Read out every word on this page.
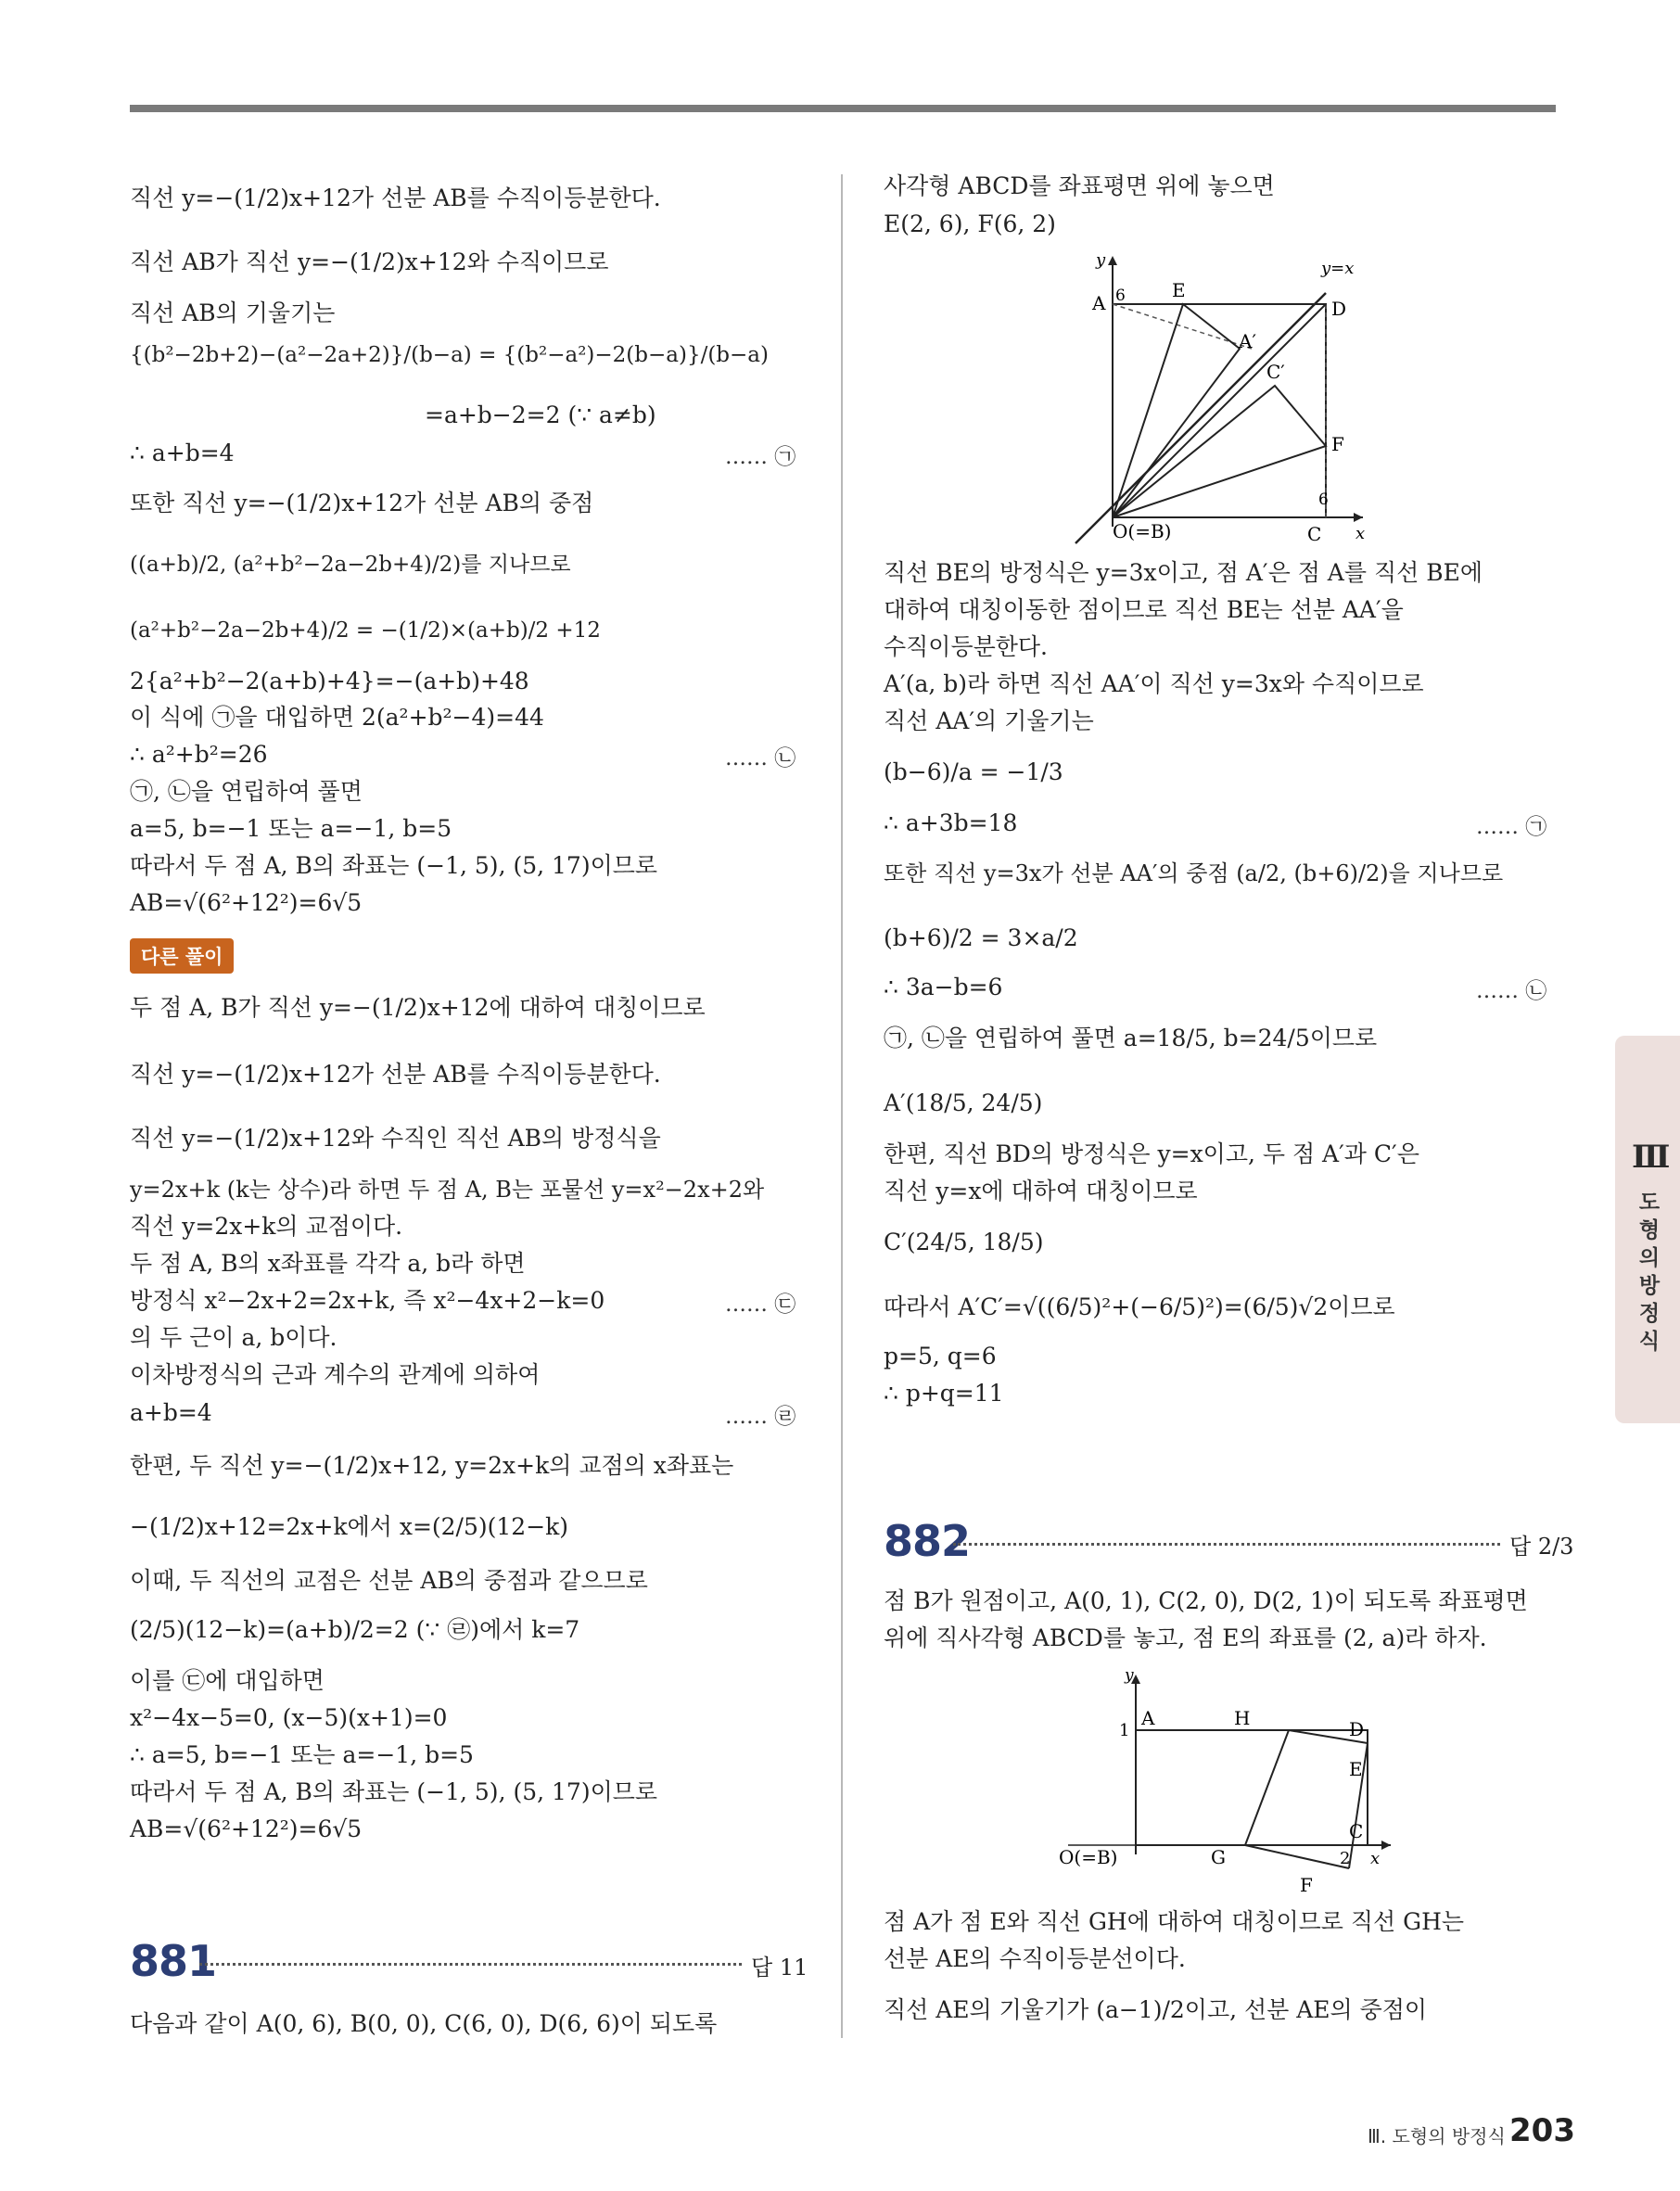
직선 y=−(1/2)x+12가 선분 AB를 수직이등분한다.
직선 AB가 직선 y=−(1/2)x+12와 수직이므로
직선 AB의 기울기는
{(b²−2b+2)−(a²−2a+2)}/(b−a) = {(b²−a²)−2(b−a)}/(b−a)
=a+b−2=2 (∵ a≠b)
∴ a+b=4	…… ㉠
또한 직선 y=−(1/2)x+12가 선분 AB의 중점
((a+b)/2, (a²+b²−2a−2b+4)/2)를 지나므로
(a²+b²−2a−2b+4)/2 = −(1/2)×(a+b)/2 +12
2{a²+b²−2(a+b)+4}=−(a+b)+48
이 식에 ㉠을 대입하면 2(a²+b²−4)=44
∴ a²+b²=26	…… ㉡
㉠, ㉡을 연립하여 풀면
a=5, b=−1 또는 a=−1, b=5
따라서 두 점 A, B의 좌표는 (−1, 5), (5, 17)이므로
AB=√(6²+12²)=6√5
다른 풀이
두 점 A, B가 직선 y=−(1/2)x+12에 대하여 대칭이므로
직선 y=−(1/2)x+12가 선분 AB를 수직이등분한다.
직선 y=−(1/2)x+12와 수직인 직선 AB의 방정식을
y=2x+k (k는 상수)라 하면 두 점 A, B는 포물선 y=x²−2x+2와
직선 y=2x+k의 교점이다.
두 점 A, B의 x좌표를 각각 a, b라 하면
방정식 x²−2x+2=2x+k, 즉 x²−4x+2−k=0	…… ㉢
의 두 근이 a, b이다.
이차방정식의 근과 계수의 관계에 의하여
a+b=4	…… ㉣
한편, 두 직선 y=−(1/2)x+12, y=2x+k의 교점의 x좌표는
−(1/2)x+12=2x+k에서 x=(2/5)(12−k)
이때, 두 직선의 교점은 선분 AB의 중점과 같으므로
(2/5)(12−k)=(a+b)/2=2 (∵ ㉣)에서 k=7
이를 ㉢에 대입하면
x²−4x−5=0, (x−5)(x+1)=0
∴ a=5, b=−1 또는 a=−1, b=5
따라서 두 점 A, B의 좌표는 (−1, 5), (5, 17)이므로
AB=√(6²+12²)=6√5
881	답 11
다음과 같이 A(0, 6), B(0, 0), C(6, 0), D(6, 6)이 되도록
사각형 ABCD를 좌표평면 위에 놓으면
E(2, 6), F(6, 2)
y
x
y=x
A 6	E
D
A′
C′
F
6
O(=B)	C
직선 BE의 방정식은 y=3x이고, 점 A′은 점 A를 직선 BE에
대하여 대칭이동한 점이므로 직선 BE는 선분 AA′을
수직이등분한다.
A′(a, b)라 하면 직선 AA′이 직선 y=3x와 수직이므로
직선 AA′의 기울기는
(b−6)/a = −1/3
∴ a+3b=18	…… ㉠
또한 직선 y=3x가 선분 AA′의 중점 (a/2, (b+6)/2)을 지나므로
(b+6)/2 = 3×a/2
∴ 3a−b=6	…… ㉡
㉠, ㉡을 연립하여 풀면 a=18/5, b=24/5이므로
A′(18/5, 24/5)
한편, 직선 BD의 방정식은 y=x이고, 두 점 A′과 C′은
직선 y=x에 대하여 대칭이므로
C′(24/5, 18/5)
따라서 A′C′=√((6/5)²+(−6/5)²)=(6/5)√2이므로
p=5, q=6
∴ p+q=11
882	답 2/3
점 B가 원점이고, A(0, 1), C(2, 0), D(2, 1)이 되도록 좌표평면
위에 직사각형 ABCD를 놓고, 점 E의 좌표를 (2, a)라 하자.
y
x
1
A	H	D
E
C
O(=B)	G	2
F
점 A가 점 E와 직선 GH에 대하여 대칭이므로 직선 GH는
선분 AE의 수직이등분선이다.
직선 AE의 기울기가 (a−1)/2이고, 선분 AE의 중점이
Ⅲ
도형의 방정식
Ⅲ. 도형의 방정식 203
